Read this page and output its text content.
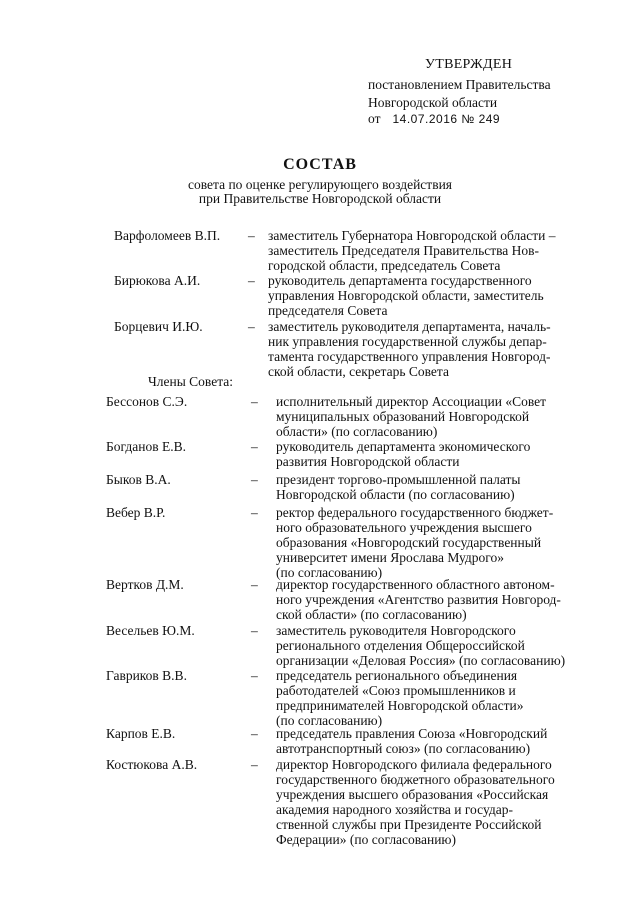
УТВЕРЖДЕН
постановлением Правительства
Новгородской области
от 14.07.2016 № 249
СОСТАВ
совета по оценке регулирующего воздействия
при Правительстве Новгородской области
Варфоломеев В.П. – заместитель Губернатора Новгородской области –
заместитель Председателя Правительства Нов-
городской области, председатель Совета
Бирюкова А.И.	– руководитель департамента государственного
управления Новгородской области, заместитель
председателя Совета
Борцевич И.Ю.	– заместитель руководителя департамента, началь-
ник управления государственной службы депар-
тамента государственного управления Новгород-
ской области, секретарь Совета
Члены Совета:
Бессонов С.Э.	– исполнительный директор Ассоциации «Совет
муниципальных образований Новгородской
области» (по согласованию)
Богданов Е.В.	– руководитель департамента экономического
развития Новгородской области
Быков В.А.	– президент торгово-промышленной палаты
Новгородской области (по согласованию)
Вебер В.Р.	– ректор федерального государственного бюджет-
ного образовательного учреждения высшего
образования «Новгородский государственный
университет имени Ярослава Мудрого»
(по согласованию)
Вертков Д.М.	– директор государственного областного автоном-
ного учреждения «Агентство развития Новгород-
ской области» (по согласованию)
Весельев Ю.М.	– заместитель руководителя Новгородского
регионального отделения Общероссийской
организации «Деловая Россия» (по согласованию)
Гавриков В.В.	– председатель регионального объединения
работодателей «Союз промышленников и
предпринимателей Новгородской области»
(по согласованию)
Карпов Е.В.	– председатель правления Союза «Новгородский
автотранспортный союз» (по согласованию)
Костюкова А.В.	– директор Новгородского филиала федерального
государственного бюджетного образовательного
учреждения высшего образования «Российская
академия народного хозяйства и государ-
ственной службы при Президенте Российской
Федерации» (по согласованию)
